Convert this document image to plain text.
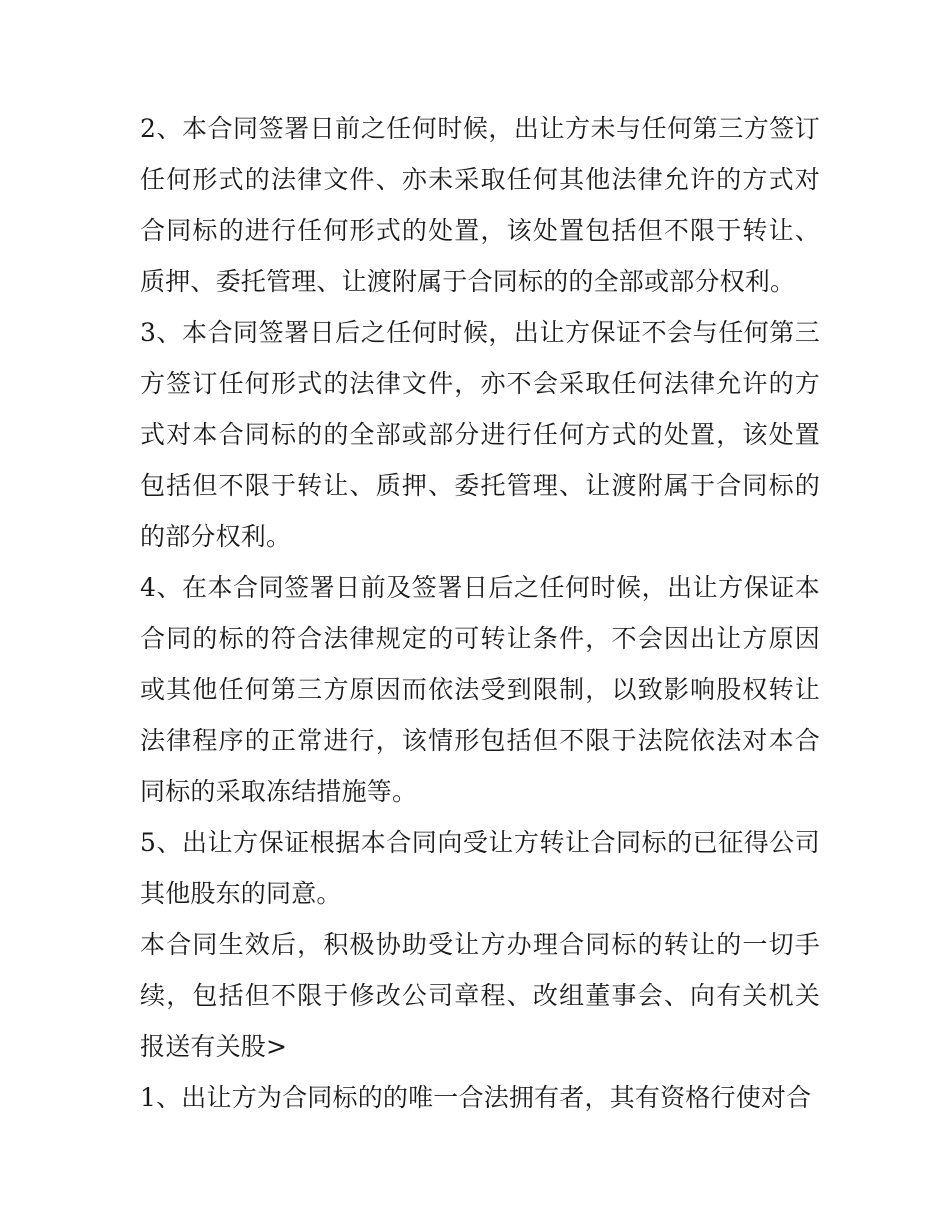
2、本合同签署日前之任何时候，出让方未与任何第三方签订任何形式的法律文件、亦未采取任何其他法律允许的方式对合同标的进行任何形式的处置，该处置包括但不限于转让、质押、委托管理、让渡附属于合同标的的全部或部分权利。

3、本合同签署日后之任何时候，出让方保证不会与任何第三方签订任何形式的法律文件，亦不会采取任何法律允许的方式对本合同标的的全部或部分进行任何方式的处置，该处置包括但不限于转让、质押、委托管理、让渡附属于合同标的的部分权利。

4、在本合同签署日前及签署日后之任何时候，出让方保证本合同的标的符合法律规定的可转让条件，不会因出让方原因或其他任何第三方原因而依法受到限制，以致影响股权转让法律程序的正常进行，该情形包括但不限于法院依法对本合同标的采取冻结措施等。

5、出让方保证根据本合同向受让方转让合同标的已征得公司其他股东的同意。

本合同生效后，积极协助受让方办理合同标的转让的一切手续，包括但不限于修改公司章程、改组董事会、向有关机关报送有关股>

1、出让方为合同标的的唯一合法拥有者，其有资格行使对合
